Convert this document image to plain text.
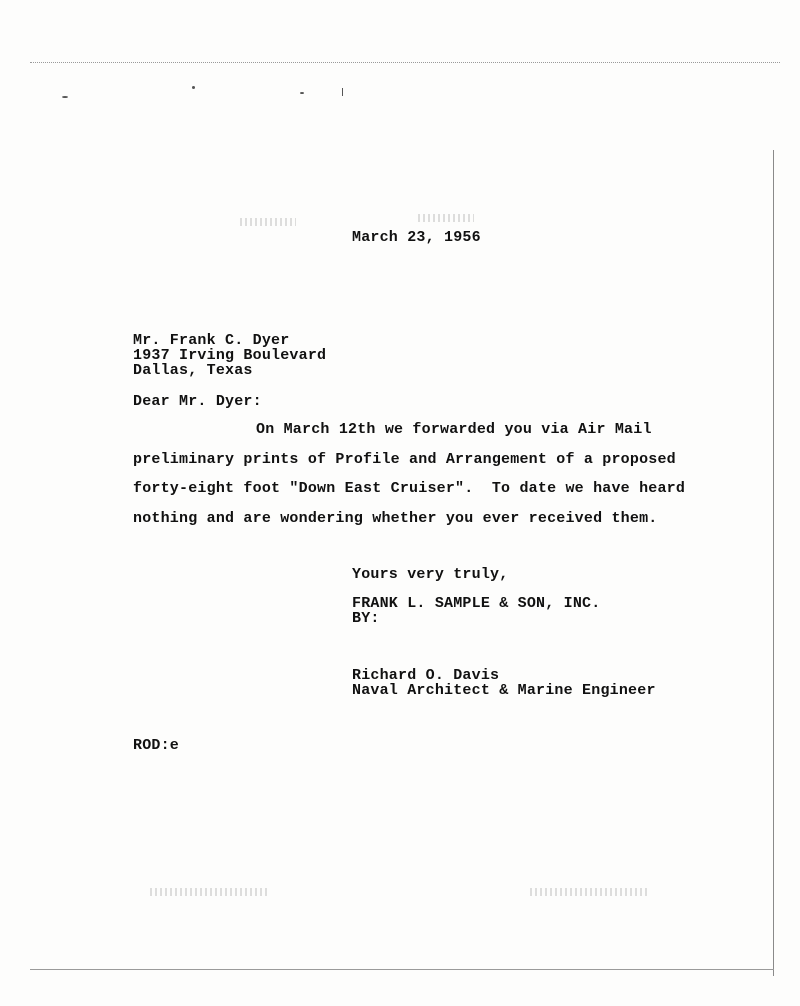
March 23, 1956
Mr. Frank C. Dyer
1937 Irving Boulevard
Dallas, Texas
Dear Mr. Dyer:
On March 12th we forwarded you via Air Mail
preliminary prints of Profile and Arrangement of a proposed
forty-eight foot "Down East Cruiser".  To date we have heard
nothing and are wondering whether you ever received them.
Yours very truly,
FRANK L. SAMPLE & SON, INC.
BY:
Richard O. Davis
Naval Architect & Marine Engineer
ROD:e
